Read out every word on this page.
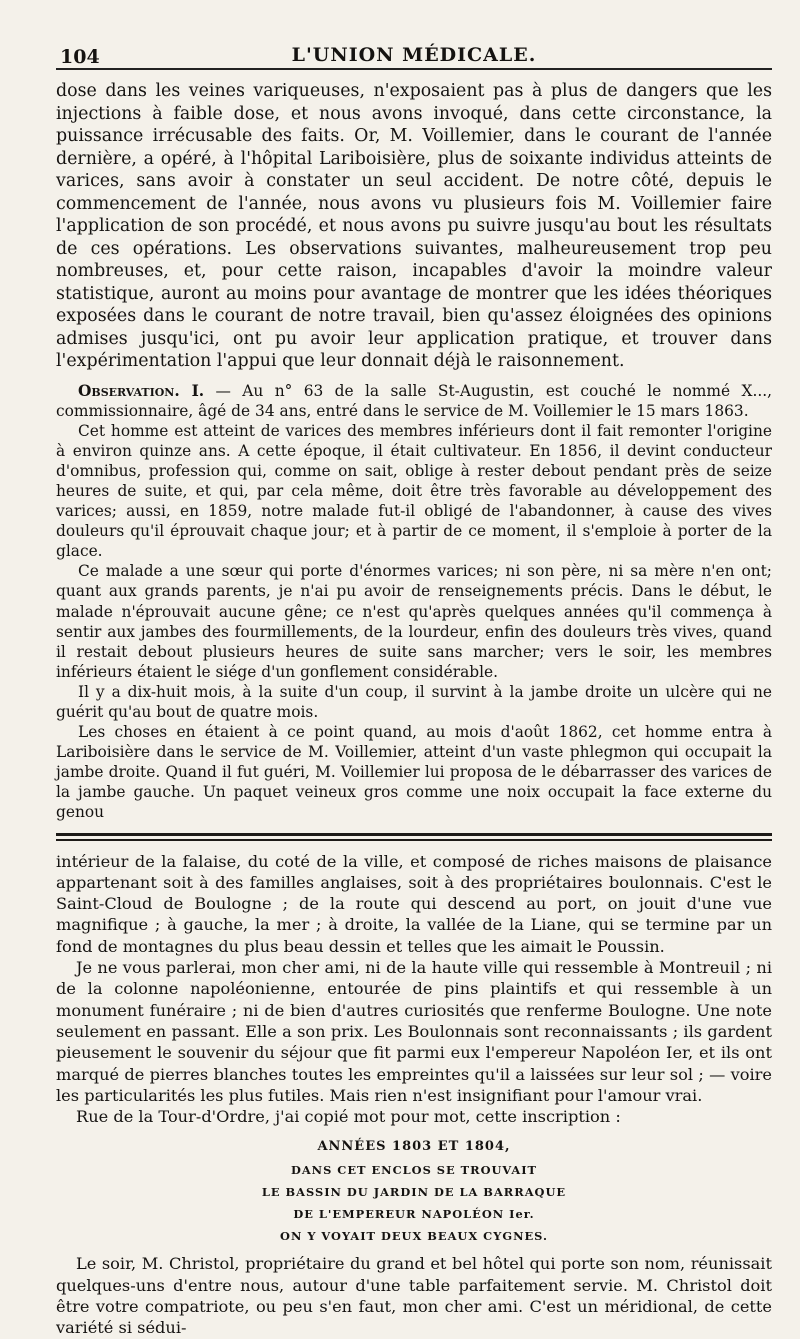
104	L'UNION MÉDICALE.

dose dans les veines variqueuses, n'exposaient pas à plus de dangers que les injections à faible dose, et nous avons invoqué, dans cette circonstance, la puissance irrécusable des faits. Or, M. Voillemier, dans le courant de l'année dernière, a opéré, à l'hôpital Lariboisière, plus de soixante individus atteints de varices, sans avoir à constater un seul accident. De notre côté, depuis le commencement de l'année, nous avons vu plusieurs fois M. Voillemier faire l'application de son procédé, et nous avons pu suivre jusqu'au bout les résultats de ces opérations. Les observations suivantes, malheureusement trop peu nombreuses, et, pour cette raison, incapables d'avoir la moindre valeur statistique, auront au moins pour avantage de montrer que les idées théoriques exposées dans le courant de notre travail, bien qu'assez éloignées des opinions admises jusqu'ici, ont pu avoir leur application pratique, et trouver dans l'expérimentation l'appui que leur donnait déjà le raisonnement.

Observation. I. — Au n° 63 de la salle St-Augustin, est couché le nommé X..., commissionnaire, âgé de 34 ans, entré dans le service de M. Voillemier le 15 mars 1863.

Cet homme est atteint de varices des membres inférieurs dont il fait remonter l'origine à environ quinze ans. A cette époque, il était cultivateur. En 1856, il devint conducteur d'omnibus, profession qui, comme on sait, oblige à rester debout pendant près de seize heures de suite, et qui, par cela même, doit être très favorable au développement des varices; aussi, en 1859, notre malade fut-il obligé de l'abandonner, à cause des vives douleurs qu'il éprouvait chaque jour; et à partir de ce moment, il s'emploie à porter de la glace.

Ce malade a une sœur qui porte d'énormes varices; ni son père, ni sa mère n'en ont; quant aux grands parents, je n'ai pu avoir de renseignements précis. Dans le début, le malade n'éprouvait aucune gêne; ce n'est qu'après quelques années qu'il commença à sentir aux jambes des fourmillements, de la lourdeur, enfin des douleurs très vives, quand il restait debout plusieurs heures de suite sans marcher; vers le soir, les membres inférieurs étaient le siége d'un gonflement considérable.

Il y a dix-huit mois, à la suite d'un coup, il survint à la jambe droite un ulcère qui ne guérit qu'au bout de quatre mois.

Les choses en étaient à ce point quand, au mois d'août 1862, cet homme entra à Lariboisière dans le service de M. Voillemier, atteint d'un vaste phlegmon qui occupait la jambe droite. Quand il fut guéri, M. Voillemier lui proposa de le débarrasser des varices de la jambe gauche. Un paquet veineux gros comme une noix occupait la face externe du genou

intérieur de la falaise, du coté de la ville, et composé de riches maisons de plaisance appartenant soit à des familles anglaises, soit à des propriétaires boulonnais. C'est le Saint-Cloud de Boulogne ; de la route qui descend au port, on jouit d'une vue magnifique ; à gauche, la mer ; à droite, la vallée de la Liane, qui se termine par un fond de montagnes du plus beau dessin et telles que les aimait le Poussin.

Je ne vous parlerai, mon cher ami, ni de la haute ville qui ressemble à Montreuil ; ni de la colonne napoléonienne, entourée de pins plaintifs et qui ressemble à un monument funéraire ; ni de bien d'autres curiosités que renferme Boulogne. Une note seulement en passant. Elle a son prix. Les Boulonnais sont reconnaissants ; ils gardent pieusement le souvenir du séjour que fit parmi eux l'empereur Napoléon Ier, et ils ont marqué de pierres blanches toutes les empreintes qu'il a laissées sur leur sol ; — voire les particularités les plus futiles. Mais rien n'est insignifiant pour l'amour vrai.

Rue de la Tour-d'Ordre, j'ai copié mot pour mot, cette inscription :

ANNÉES 1803 ET 1804,
DANS CET ENCLOS SE TROUVAIT
LE BASSIN DU JARDIN DE LA BARRAQUE
DE L'EMPEREUR NAPOLÉON Ier.
ON Y VOYAIT DEUX BEAUX CYGNES.

Le soir, M. Christol, propriétaire du grand et bel hôtel qui porte son nom, réunissait quelques-uns d'entre nous, autour d'une table parfaitement servie. M. Christol doit être votre compatriote, ou peu s'en faut, mon cher ami. C'est un méridional, de cette variété si sédui-
